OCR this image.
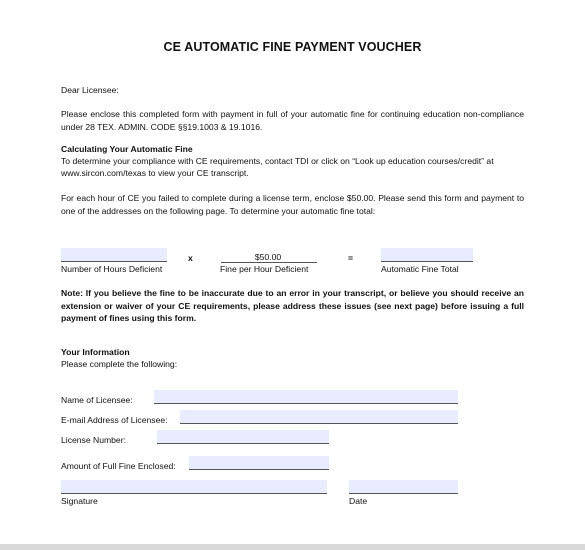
CE AUTOMATIC FINE PAYMENT VOUCHER
Dear Licensee:
Please enclose this completed form with payment in full of your automatic fine for continuing education non-compliance under 28 TEX. ADMIN. CODE §§19.1003 & 19.1016.
Calculating Your Automatic Fine
To determine your compliance with CE requirements, contact TDI or click on “Look up education courses/credit” at
www.sircon.com/texas to view your CE transcript.
For each hour of CE you failed to complete during a license term, enclose $50.00. Please send this form and payment to one of the addresses on the following page. To determine your automatic fine total:
Number of Hours Deficient
x	$50.00
Fine per Hour Deficient
=
Automatic Fine Total
Note: If you believe the fine to be inaccurate due to an error in your transcript, or believe you should receive an extension or waiver of your CE requirements, please address these issues (see next page) before issuing a full payment of fines using this form.
Your Information
Please complete the following:
Name of Licensee:
E-mail Address of Licensee:
License Number:
Amount of Full Fine Enclosed:
Signature	Date
